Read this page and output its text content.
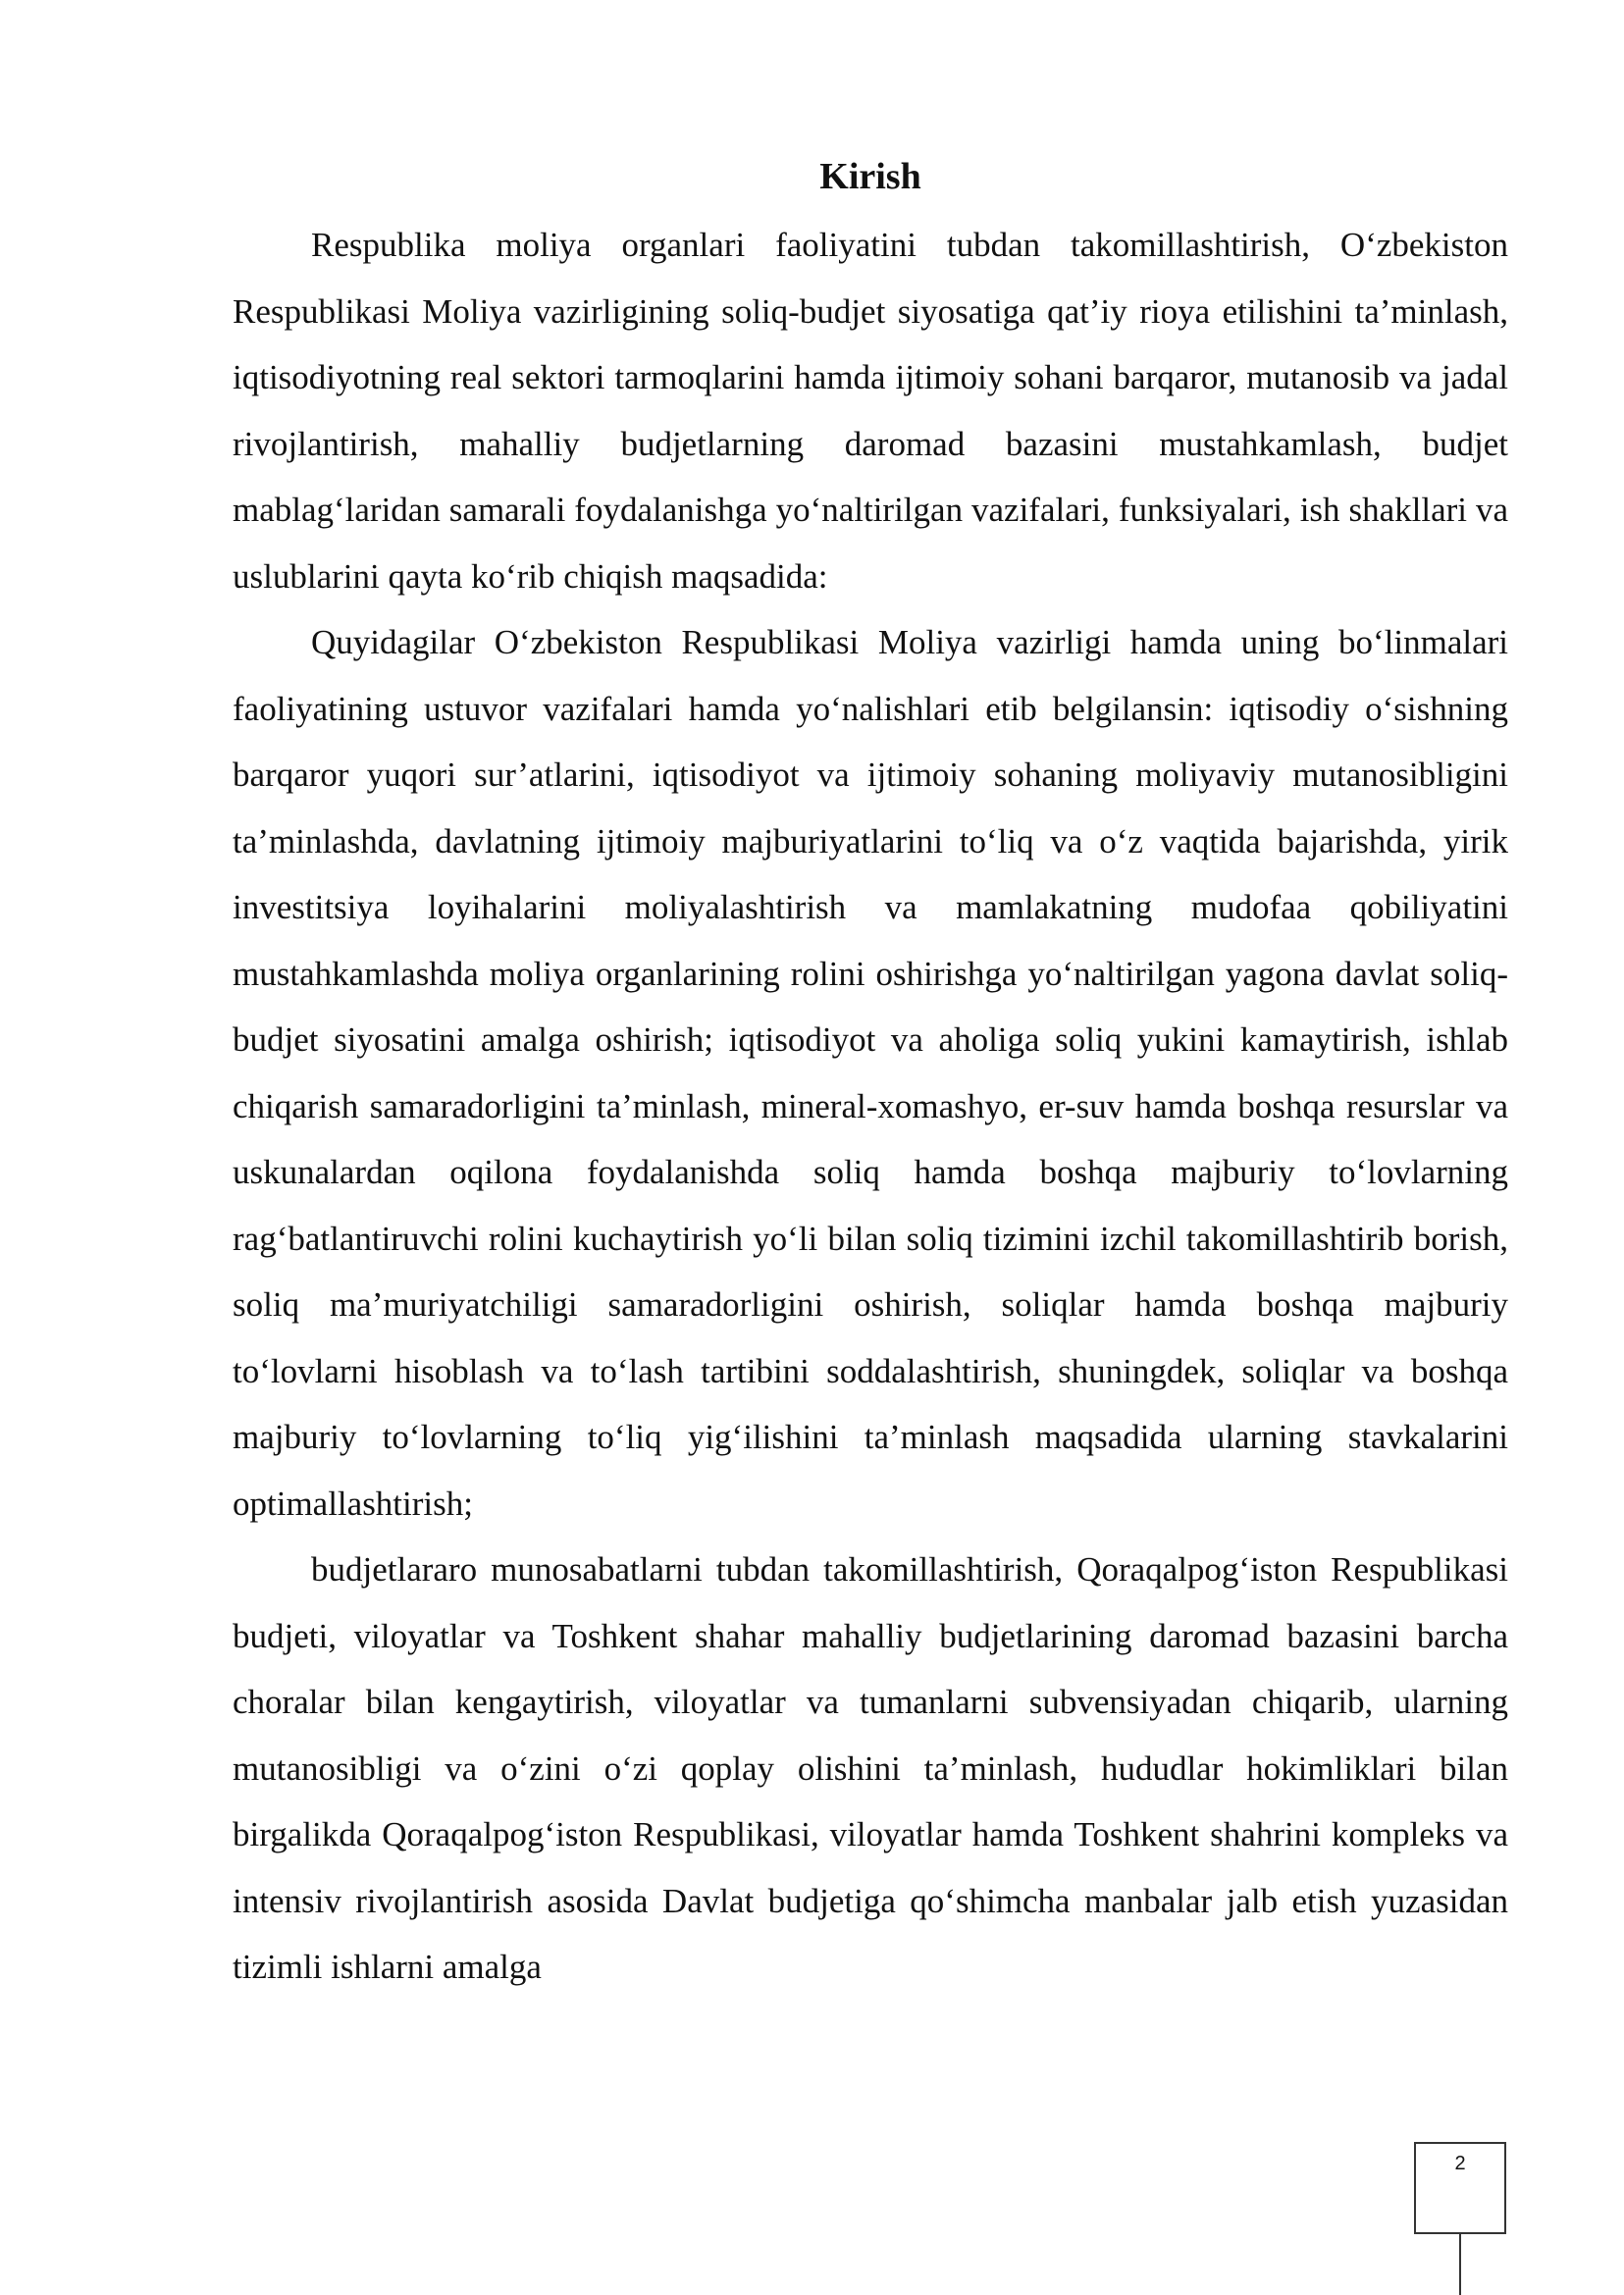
Kirish

Respublika moliya organlari faoliyatini tubdan takomillashtirish, O‘zbekiston Respublikasi Moliya vazirligining soliq-budjet siyosatiga qat’iy rioya etilishini ta’minlash, iqtisodiyotning real sektori tarmoqlarini hamda ijtimoiy sohani barqaror, mutanosib va jadal rivojlantirish, mahalliy budjetlarning daromad bazasini mustahkamlash, budjet mablag‘laridan samarali foydalanishga yo‘naltirilgan vazifalari, funksiyalari, ish shakllari va uslublarini qayta ko‘rib chiqish maqsadida:

Quyidagilar O‘zbekiston Respublikasi Moliya vazirligi hamda uning bo‘linmalari faoliyatining ustuvor vazifalari hamda yo‘nalishlari etib belgilansin: iqtisodiy o‘sishning barqaror yuqori sur’atlarini, iqtisodiyot va ijtimoiy sohaning moliyaviy mutanosibligini ta’minlashda, davlatning ijtimoiy majburiyatlarini to‘liq va o‘z vaqtida bajarishda, yirik investitsiya loyihalarini moliyalashtirish va mamlakatning mudofaa qobiliyatini mustahkamlashda moliya organlarining rolini oshirishga yo‘naltirilgan yagona davlat soliq-budjet siyosatini amalga oshirish; iqtisodiyot va aholiga soliq yukini kamaytirish, ishlab chiqarish samaradorligini ta’minlash, mineral-xomashyo, er-suv hamda boshqa resurslar va uskunalardan oqilona foydalanishda soliq hamda boshqa majburiy to‘lovlarning rag‘batlantiruvchi rolini kuchaytirish yo‘li bilan soliq tizimini izchil takomillashtirib borish, soliq ma’muriyatchiligi samaradorligini oshirish, soliqlar hamda boshqa majburiy to‘lovlarni hisoblash va to‘lash tartibini soddalashtirish, shuningdek, soliqlar va boshqa majburiy to‘lovlarning to‘liq yig‘ilishini ta’minlash maqsadida ularning stavkalarini optimallashtirish;

budjetlararo munosabatlarni tubdan takomillashtirish, Qoraqalpog‘iston Respublikasi budjeti, viloyatlar va Toshkent shahar mahalliy budjetlarining daromad bazasini barcha choralar bilan kengaytirish, viloyatlar va tumanlarni subvensiyadan chiqarib, ularning mutanosibligi va o‘zini o‘zi qoplay olishini ta’minlash, hududlar hokimliklari bilan birgalikda Qoraqalpog‘iston Respublikasi, viloyatlar hamda Toshkent shahrini kompleks va intensiv rivojlantirish asosida Davlat budjetiga qo‘shimcha manbalar jalb etish yuzasidan tizimli ishlarni amalga

2
